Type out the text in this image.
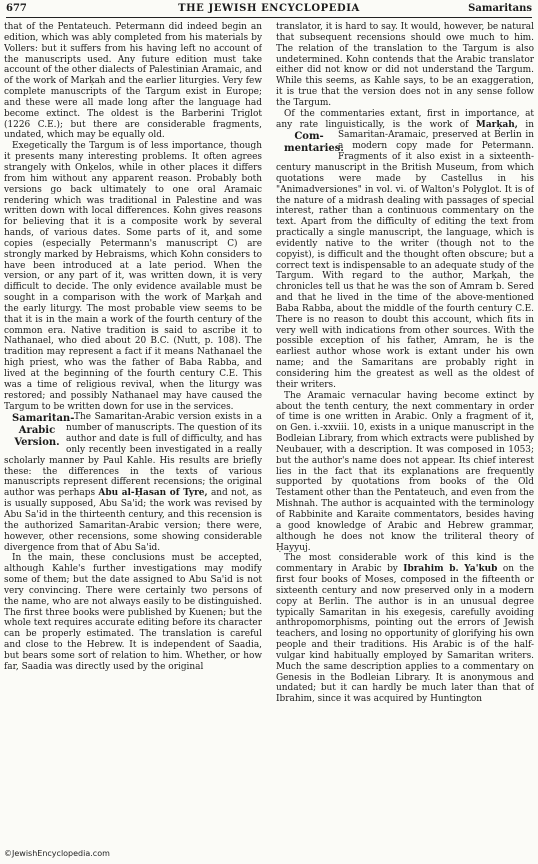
THE JEWISH ENCYCLOPEDIA
677	Samaritans

that of the Pentateuch. Petermann did indeed begin an edition, which was ably completed from his materials by Vollers: but it suffers from his having left no account of the manuscripts used. Any future edition must take account of the other dialects of Palestinian Aramaic, and of the work of Marḳah and the earlier liturgies. Very few complete manuscripts of the Targum exist in Europe; and these were all made long after the language had become extinct. The oldest is the Barberini Triglot (1226 C.E.); but there are considerable fragments, undated, which may be equally old.

Exegetically the Targum is of less importance, though it presents many interesting problems. It often agrees strangely with Onḳelos, while in other places it differs from him without any apparent reason. Probably both versions go back ultimately to one oral Aramaic rendering which was traditional in Palestine and was written down with local differences. Kohn gives reasons for believing that it is a composite work by several hands, of various dates. Some parts of it, and some copies (especially Petermann's manuscript C) are strongly marked by Hebraisms, which Kohn considers to have been introduced at a late period. When the version, or any part of it, was written down, it is very difficult to decide. The only evidence available must be sought in a comparison with the work of Marḳah and the early liturgy. The most probable view seems to be that it is in the main a work of the fourth century of the common era. Native tradition is said to ascribe it to Nathanael, who died about 20 B.C. (Nutt, p. 108). The tradition may represent a fact if it means Nathanael the high priest, who was the father of Baba Rabba, and lived at the beginning of the fourth century C.E. This was a time of religious revival, when the liturgy was restored; and possibly Nathanael may have caused the Targum to be written down for use in the services.

Samaritan-
Arabic
Version.
The Samaritan-Arabic version exists in a number of manuscripts. The question of its author and date is full of difficulty, and has only recently been investigated in a really scholarly manner by Paul Kahle. His results are briefly these: the differences in the texts of various manuscripts represent different recensions; the original author was perhaps Abu al-Ḥasan of Tyre, and not, as is usually supposed, Abu Sa'id; the work was revised by Abu Sa'id in the thirteenth century, and this recension is the authorized Samaritan-Arabic version; there were, however, other recensions, some showing considerable divergence from that of Abu Sa'id.

In the main, these conclusions must be accepted, although Kahle's further investigations may modify some of them; but the date assigned to Abu Sa'id is not very convincing. There were certainly two persons of the name, who are not always easily to be distinguished. The first three books were published by Kuenen; but the whole text requires accurate editing before its character can be properly estimated. The translation is careful and close to the Hebrew. It is independent of Saadia, but bears some sort of relation to him. Whether, or how far, Saadia was directly used by the original

translator, it is hard to say. It would, however, be natural that subsequent recensions should owe much to him. The relation of the translation to the Targum is also undetermined. Kohn contends that the Arabic translator either did not know or did not understand the Targum. While this seems, as Kahle says, to be an exaggeration, it is true that the version does not in any sense follow the Targum.

Of the commentaries extant, first in importance, at any rate linguistically, is the work of Marḳah,
Com-
mentaries.
in Samaritan-Aramaic, preserved at Berlin in a modern copy made for Petermann. Fragments of it also exist in a sixteenth-century manuscript in the British Museum, from which quotations were made by Castellus in his "Animadversiones" in vol. vi. of Walton's Polyglot. It is of the nature of a midrash dealing with passages of special interest, rather than a continuous commentary on the text. Apart from the difficulty of editing the text from practically a single manuscript, the language, which is evidently native to the writer (though not to the copyist), is difficult and the thought often obscure; but a correct text is indispensable to an adequate study of the Targum. With regard to the author, Marḳah, the chronicles tell us that he was the son of Amram b. Sered and that he lived in the time of the above-mentioned Baba Rabba, about the middle of the fourth century C.E. There is no reason to doubt this account, which fits in very well with indications from other sources. With the possible exception of his father, Amram, he is the earliest author whose work is extant under his own name; and the Samaritans are probably right in considering him the greatest as well as the oldest of their writers.

The Aramaic vernacular having become extinct by about the tenth century, the next commentary in order of time is one written in Arabic. Only a fragment of it, on Gen. i.-xxviii. 10, exists in a unique manuscript in the Bodleian Library, from which extracts were published by Neubauer, with a description. It was composed in 1053; but the author's name does not appear. Its chief interest lies in the fact that its explanations are frequently supported by quotations from books of the Old Testament other than the Pentateuch, and even from the Mishnah. The author is acquainted with the terminology of Rabbinite and Karaite commentators, besides having a good knowledge of Arabic and Hebrew grammar, although he does not know the triliteral theory of Ḥayyuj.

The most considerable work of this kind is the commentary in Arabic by Ibrahim b. Ya'kub on the first four books of Moses, composed in the fifteenth or sixteenth century and now preserved only in a modern copy at Berlin. The author is in an unusual degree typically Samaritan in his exegesis, carefully avoiding anthropomorphisms, pointing out the errors of Jewish teachers, and losing no opportunity of glorifying his own people and their traditions. His Arabic is of the half-vulgar kind habitually employed by Samaritan writers. Much the same description applies to a commentary on Genesis in the Bodleian Library. It is anonymous and undated; but it can hardly be much later than that of Ibrahim, since it was acquired by Huntington

©JewishEncyclopedia.com
